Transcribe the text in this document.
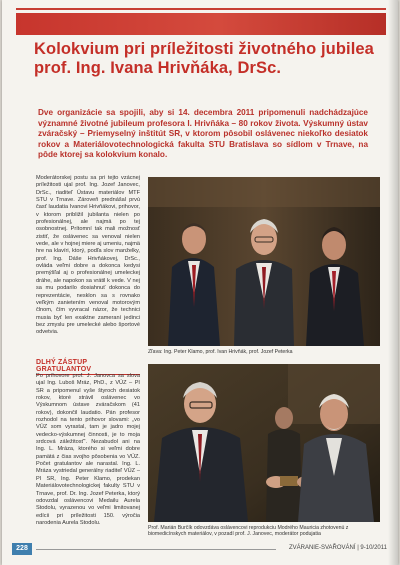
Kolokvium pri príležitosti životného jubilea prof. Ing. Ivana Hrivňáka, DrSc.

Dve organizácie sa spojili, aby si 14. decembra 2011 pripomenuli nadchádzajúce významné životné jubileum profesora I. Hrivňáka – 80 rokov života. Výskumný ústav zváračský – Priemyselný inštitút SR, v ktorom pôsobil oslávenec niekoľko desiatok rokov a Materiálovotechnologická fakulta STU Bratislava so sídlom v Trnave, na pôde ktorej sa kolokvium konalo.

Moderátorskej postu sa pri tejto vzácnej príležitosti ujal prof. Ing. Jozef Janovec, DrSc., riaditeľ Ústavu materiálov MTF STU v Trnave. Zároveň prednášal prvú časť laudatia Ivanovi Hrivňákovi, prihovor, v ktorom približil jubilanta nielen po profesionálnej, ale najmä po tej osobnostnej. Prítomní tak mali možnosť zistiť, že oslávenec sa venoval nielen vede, ale v hojnej miere aj umeniu, najmä hre na klavíri, ktorý, podľa slov manželky, prof. Ing. Dáše Hrivňákovej, DrSc., ovláda veľmi dobre a dokonca kedysi premýšľal aj o profesionálnej umeleckej dráhe, ale napokon sa vrátil k vede. V nej sa mu podarilo dosiahnuť dokonca do reprezentácie, nesklon sa s rovnako veľkým zanietením venoval motorovým člnom, čím vyvracal názor, že technici musia byť len exaktne zameraní jedinci bez zmyslu pre umelecké alebo športové odvetvia.

DLHÝ ZÁSTUP GRATULANTOV

Po príhovore prof. J. Janovca sa slova ujal Ing. Luboš Mráz, PhD., z VÚZ – PI SR a pripomenul vyše štyroch desiatok rokov, ktoré strávil oslávenec vo Výskumnom ústave zváračskom (41 rokov), dokončil laudatio. Pán profesor rozhodol na tento prihovor slovami: „vo VÚZ som vyrastal, tam je jadro mojej vedecko-výskumnej činnosti, je to moja srdcová záležitosť“. Nezabudol ani na Ing. L. Mráza, ktorého si veľmi dobre pamätá z čias svojho pôsobenia vo VÚZ. Počet gratulantov ale narastal. Ing. L. Mráza vystriedal generálny riaditeľ VÚZ – PI SR, Ing. Peter Klamo, prodekan Materiálovotechnologickej fakulty STU v Trnave, prof. Dr. Ing. Jozef Peterka, ktorý odovzdal oslávencovi Medailu Aurela Stodolu, vyrazenou vo veľmi limitovanej edícii pri príležitosti 150. výročia narodenia Aurela Stodolu.

Zľava: Ing. Peter Klamo, prof. Ivan Hrivňák, prof. Jozef Peterka
Prof. Marián Burčík odovzdáva oslávencovi reprodukciu Modrého Mauricia zhotovenú z biomedicínskych materiálov, v pozadí prof. J. Janovec, moderátor podujatia
228	ZVÁRANIE-SVAŘOVÁNÍ | 9-10/2011
